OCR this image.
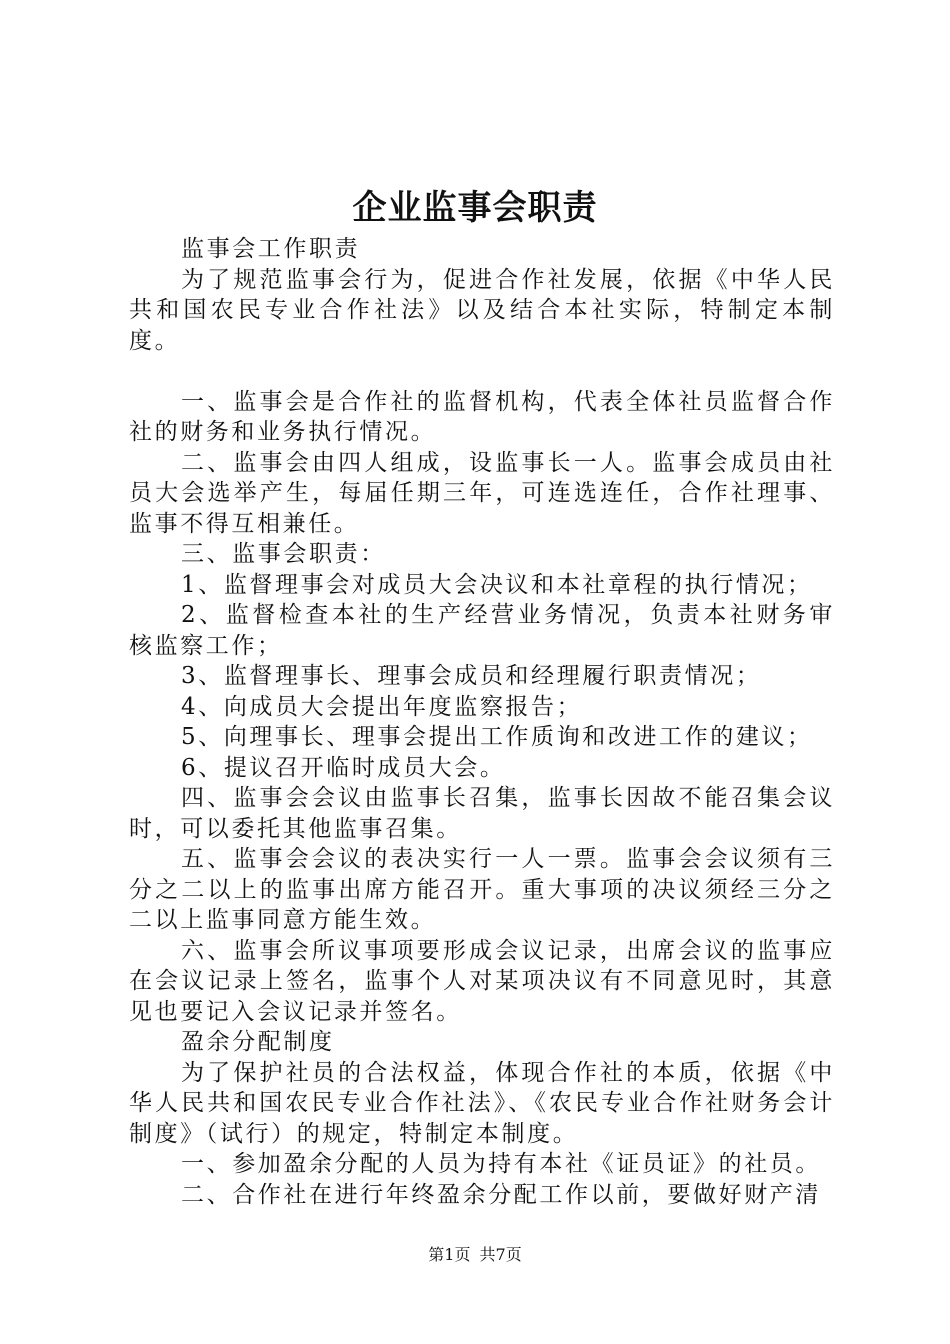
企业监事会职责

监事会工作职责

为了规范监事会行为，促进合作社发展，依据《中华人民共和国农民专业合作社法》以及结合本社实际，特制定本制度。

一、监事会是合作社的监督机构，代表全体社员监督合作社的财务和业务执行情况。

二、监事会由四人组成，设监事长一人。监事会成员由社员大会选举产生，每届任期三年，可连选连任，合作社理事、监事不得互相兼任。

三、监事会职责：

1、监督理事会对成员大会决议和本社章程的执行情况；

2、监督检查本社的生产经营业务情况，负责本社财务审核监察工作；

3、监督理事长、理事会成员和经理履行职责情况；

4、向成员大会提出年度监察报告；

5、向理事长、理事会提出工作质询和改进工作的建议；

6、提议召开临时成员大会。

四、监事会会议由监事长召集，监事长因故不能召集会议时，可以委托其他监事召集。

五、监事会会议的表决实行一人一票。监事会会议须有三分之二以上的监事出席方能召开。重大事项的决议须经三分之二以上监事同意方能生效。

六、监事会所议事项要形成会议记录，出席会议的监事应在会议记录上签名，监事个人对某项决议有不同意见时，其意见也要记入会议记录并签名。

盈余分配制度

为了保护社员的合法权益，体现合作社的本质，依据《中华人民共和国农民专业合作社法》、《农民专业合作社财务会计制度》（试行）的规定，特制定本制度。

一、参加盈余分配的人员为持有本社《证员证》的社员。

二、合作社在进行年终盈余分配工作以前，要做好财产清

第1页 共7页
